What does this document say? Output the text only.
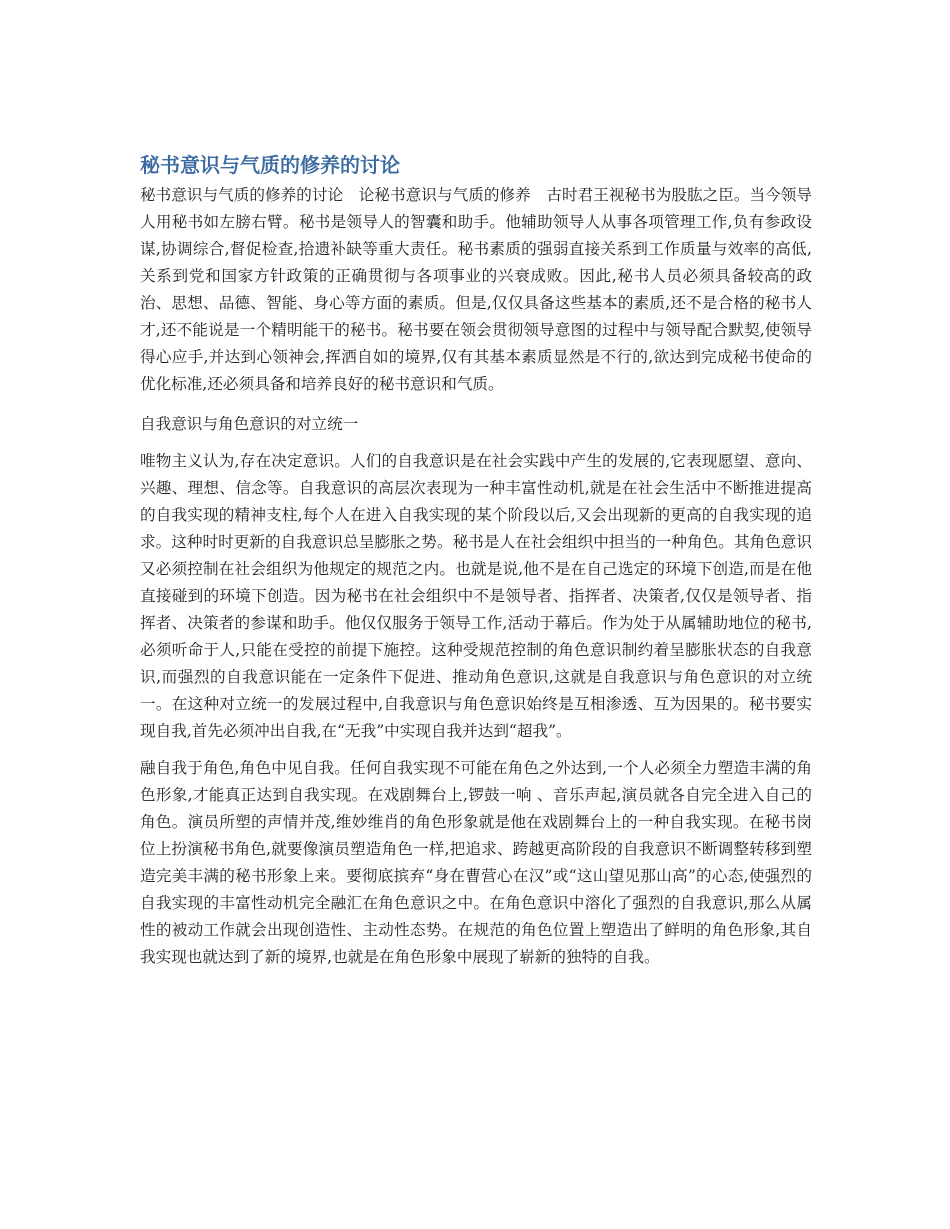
秘书意识与气质的修养的讨论

秘书意识与气质的修养的讨论　论秘书意识与气质的修养　古时君王视秘书为股肱之臣。当今领导人用秘书如左膀右臂。秘书是领导人的智囊和助手。他辅助领导人从事各项管理工作,负有参政设谋,协调综合,督促检查,拾遗补缺等重大责任。秘书素质的强弱直接关系到工作质量与效率的高低,关系到党和国家方针政策的正确贯彻与各项事业的兴衰成败。因此,秘书人员必须具备较高的政治、思想、品德、智能、身心等方面的素质。但是,仅仅具备这些基本的素质,还不是合格的秘书人才,还不能说是一个精明能干的秘书。秘书要在领会贯彻领导意图的过程中与领导配合默契,使领导得心应手,并达到心领神会,挥洒自如的境界,仅有其基本素质显然是不行的,欲达到完成秘书使命的优化标准,还必须具备和培养良好的秘书意识和气质。

自我意识与角色意识的对立统一

唯物主义认为,存在决定意识。人们的自我意识是在社会实践中产生的发展的,它表现愿望、意向、兴趣、理想、信念等。自我意识的高层次表现为一种丰富性动机,就是在社会生活中不断推进提高的自我实现的精神支柱,每个人在进入自我实现的某个阶段以后,又会出现新的更高的自我实现的追求。这种时时更新的自我意识总呈膨胀之势。秘书是人在社会组织中担当的一种角色。其角色意识又必须控制在社会组织为他规定的规范之内。也就是说,他不是在自己选定的环境下创造,而是在他直接碰到的环境下创造。因为秘书在社会组织中不是领导者、指挥者、决策者,仅仅是领导者、指挥者、决策者的参谋和助手。他仅仅服务于领导工作,活动于幕后。作为处于从属辅助地位的秘书,必须听命于人,只能在受控的前提下施控。这种受规范控制的角色意识制约着呈膨胀状态的自我意识,而强烈的自我意识能在一定条件下促进、推动角色意识,这就是自我意识与角色意识的对立统一。在这种对立统一的发展过程中,自我意识与角色意识始终是互相渗透、互为因果的。秘书要实现自我,首先必须冲出自我,在“无我”中实现自我并达到“超我”。

融自我于角色,角色中见自我。任何自我实现不可能在角色之外达到,一个人必须全力塑造丰满的角色形象,才能真正达到自我实现。在戏剧舞台上,锣鼓一响 、音乐声起,演员就各自完全进入自己的角色。演员所塑的声情并茂,维妙维肖的角色形象就是他在戏剧舞台上的一种自我实现。在秘书岗位上扮演秘书角色,就要像演员塑造角色一样,把追求、跨越更高阶段的自我意识不断调整转移到塑造完美丰满的秘书形象上来。要彻底摈弃“身在曹营心在汉”或“这山望见那山高”的心态,使强烈的自我实现的丰富性动机完全融汇在角色意识之中。在角色意识中溶化了强烈的自我意识,那么从属性的被动工作就会出现创造性、主动性态势。在规范的角色位置上塑造出了鲜明的角色形象,其自我实现也就达到了新的境界,也就是在角色形象中展现了崭新的独特的自我。
